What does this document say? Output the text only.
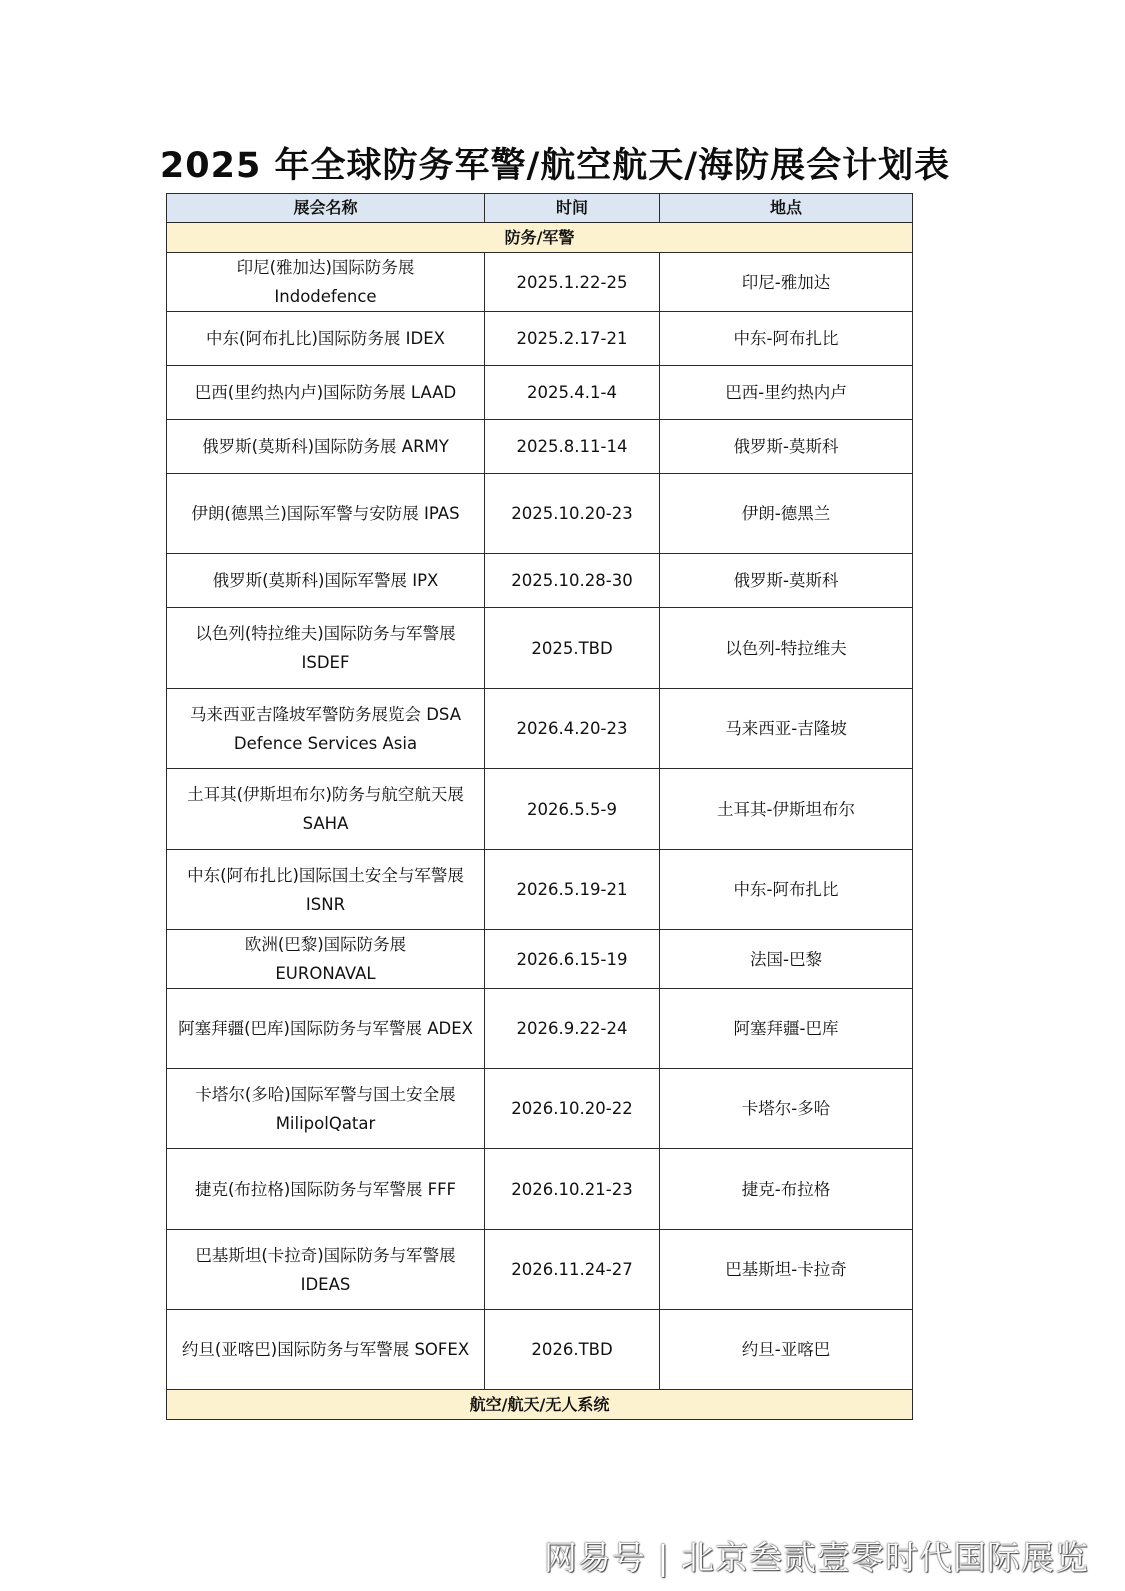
2025 年全球防务军警/航空航天/海防展会计划表
展会名称	时间	地点
防务/军警		

印尼(雅加达)国际防务展
Indodefence	2025.1.22-25	印尼-雅加达

中东(阿布扎比)国际防务展 IDEX	2025.2.17-21	中东-阿布扎比

巴西(里约热内卢)国际防务展 LAAD	2025.4.1-4	巴西-里约热内卢

俄罗斯(莫斯科)国际防务展 ARMY	2025.8.11-14	俄罗斯-莫斯科

伊朗(德黑兰)国际军警与安防展 IPAS	2025.10.20-23	伊朗-德黑兰

俄罗斯(莫斯科)国际军警展 IPX	2025.10.28-30	俄罗斯-莫斯科

以色列(特拉维夫)国际防务与军警展
ISDEF	2025.TBD	以色列-特拉维夫

马来西亚吉隆坡军警防务展览会 DSA
Defence Services Asia	2026.4.20-23	马来西亚-吉隆坡

土耳其(伊斯坦布尔)防务与航空航天展
SAHA	2026.5.5-9	土耳其-伊斯坦布尔

中东(阿布扎比)国际国土安全与军警展
ISNR	2026.5.19-21	中东-阿布扎比

欧洲(巴黎)国际防务展
EURONAVAL	2026.6.15-19	法国-巴黎

阿塞拜疆(巴库)国际防务与军警展 ADEX	2026.9.22-24	阿塞拜疆-巴库

卡塔尔(多哈)国际军警与国土安全展
MilipolQatar	2026.10.20-22	卡塔尔-多哈

捷克(布拉格)国际防务与军警展 FFF	2026.10.21-23	捷克-布拉格

巴基斯坦(卡拉奇)国际防务与军警展
IDEAS	2026.11.24-27	巴基斯坦-卡拉奇

约旦(亚喀巴)国际防务与军警展 SOFEX	2026.TBD	约旦-亚喀巴
航空/航天/无人系统		
网易号 | 北京叁贰壹零时代国际展览
